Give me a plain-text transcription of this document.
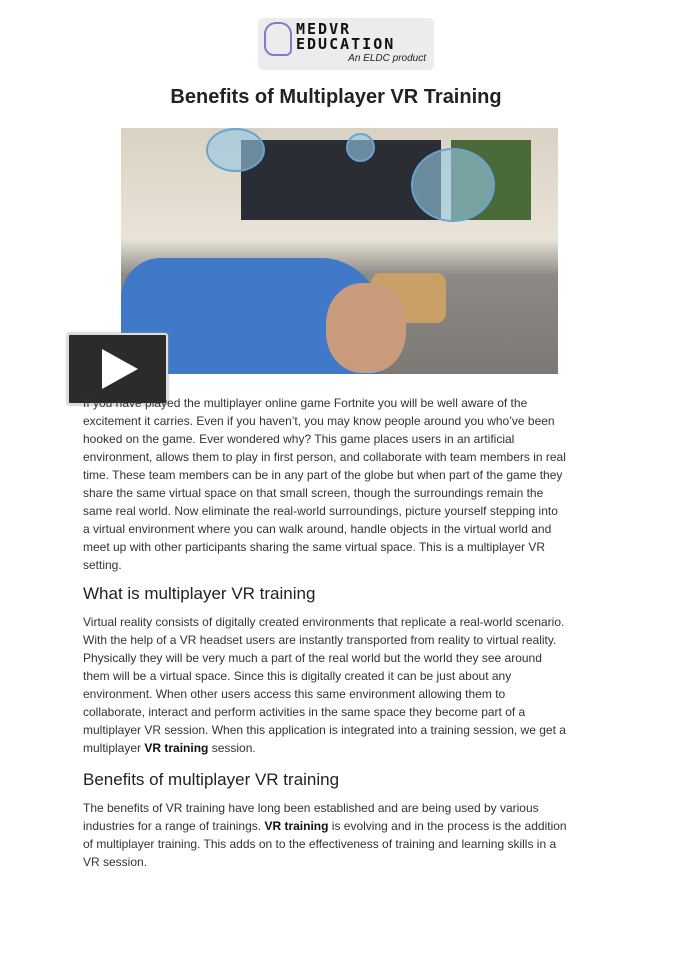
MEDVR
EDUCATION
An ELDC product
Benefits of Multiplayer VR Training
If you have played the multiplayer online game Fortnite you will be well aware of the
excitement it carries. Even if you haven’t, you may know people around you who’ve been
hooked on the game. Ever wondered why? This game places users in an artificial
environment, allows them to play in first person, and collaborate with team members in real
time. These team members can be in any part of the globe but when part of the game they
share the same virtual space on that small screen, though the surroundings remain the
same real world. Now eliminate the real-world surroundings, picture yourself stepping into
a virtual environment where you can walk around, handle objects in the virtual world and
meet up with other participants sharing the same virtual space. This is a multiplayer VR
setting.
What is multiplayer VR training
Virtual reality consists of digitally created environments that replicate a real-world scenario.
With the help of a VR headset users are instantly transported from reality to virtual reality.
Physically they will be very much a part of the real world but the world they see around
them will be a virtual space. Since this is digitally created it can be just about any
environment. When other users access this same environment allowing them to
collaborate, interact and perform activities in the same space they become part of a
multiplayer VR session. When this application is integrated into a training session, we get a
multiplayer VR training session.
Benefits of multiplayer VR training
The benefits of VR training have long been established and are being used by various
industries for a range of trainings. VR training is evolving and in the process is the addition
of multiplayer training. This adds on to the effectiveness of training and learning skills in a
VR session.
